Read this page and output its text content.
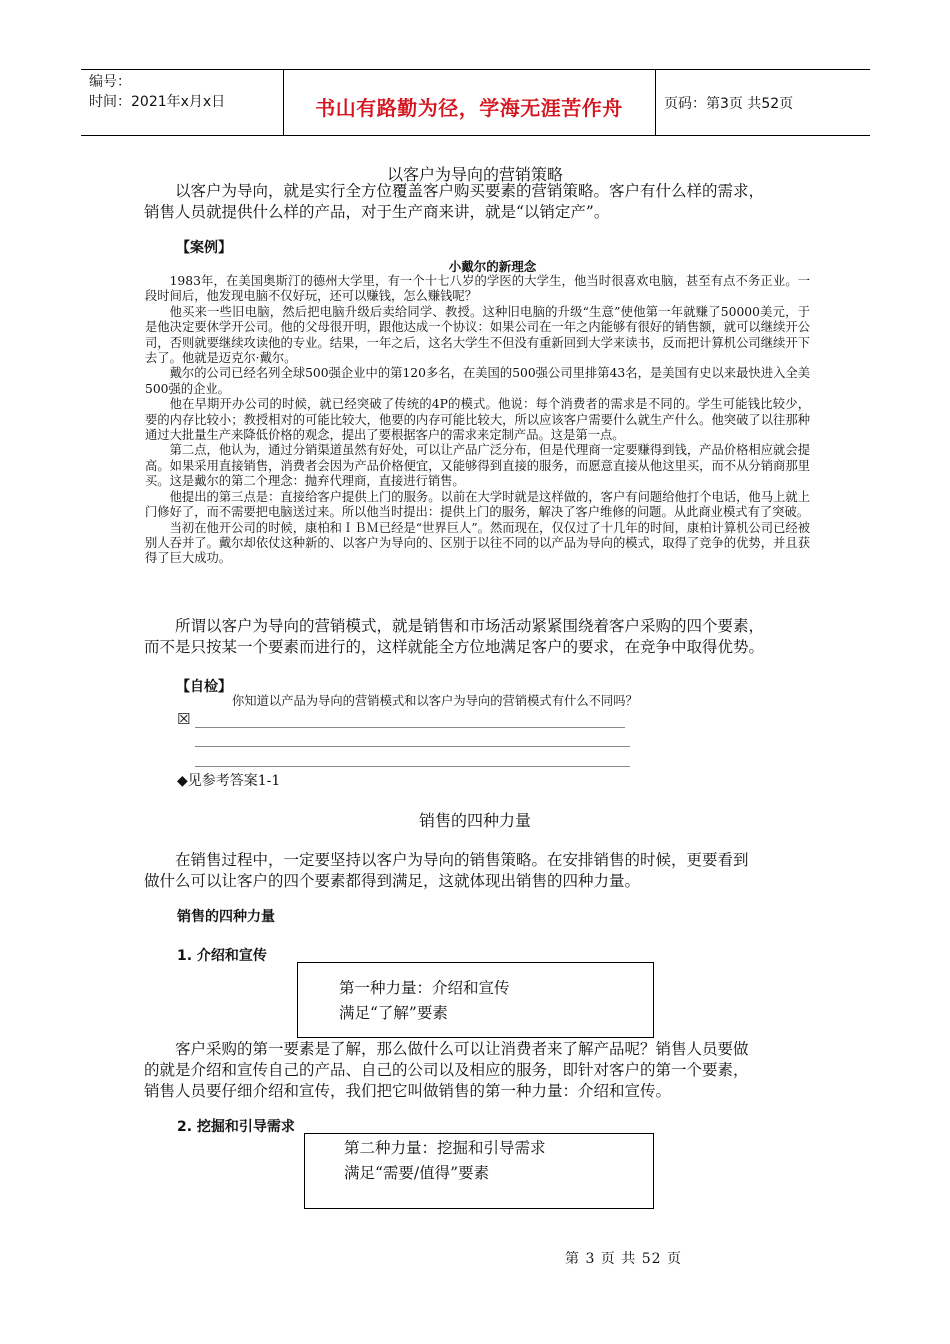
编号：
时间：2021年x月x日	书山有路勤为径，学海无涯苦作舟	页码：第3页 共52页
以客户为导向的营销策略

以客户为导向，就是实行全方位覆盖客户购买要素的营销策略。客户有什么样的需求，

销售人员就提供什么样的产品，对于生产商来讲，就是“以销定产”。

【案例】
小戴尔的新理念

1983年，在美国奥斯汀的德州大学里，有一个十七八岁的学医的大学生，他当时很喜欢电脑，甚至有点不务正业。一段时间后，他发现电脑不仅好玩，还可以赚钱，怎么赚钱呢？

他买来一些旧电脑，然后把电脑升级后卖给同学、教授。这种旧电脑的升级“生意”使他第一年就赚了50000美元，于是他决定要休学开公司。他的父母很开明，跟他达成一个协议：如果公司在一年之内能够有很好的销售额，就可以继续开公司，否则就要继续攻读他的专业。结果，一年之后，这名大学生不但没有重新回到大学来读书，反而把计算机公司继续开下去了。他就是迈克尔·戴尔。

戴尔的公司已经名列全球500强企业中的第120多名，在美国的500强公司里排第43名，是美国有史以来最快进入全美500强的企业。

他在早期开办公司的时候，就已经突破了传统的4P的模式。他说：每个消费者的需求是不同的。学生可能钱比较少，要的内存比较小；教授相对的可能比较大，他要的内存可能比较大，所以应该客户需要什么就生产什么。他突破了以往那种通过大批量生产来降低价格的观念，提出了要根据客户的需求来定制产品。这是第一点。

第二点，他认为，通过分销渠道虽然有好处，可以让产品广泛分布，但是代理商一定要赚得到钱，产品价格相应就会提高。如果采用直接销售，消费者会因为产品价格便宜，又能够得到直接的服务，而愿意直接从他这里买，而不从分销商那里买。这是戴尔的第二个理念：抛弃代理商，直接进行销售。

他提出的第三点是：直接给客户提供上门的服务。以前在大学时就是这样做的，客户有问题给他打个电话，他马上就上门修好了，而不需要把电脑送过来。所以他当时提出：提供上门的服务，解决了客户维修的问题。从此商业模式有了突破。

当初在他开公司的时候，康柏和ＩＢＭ已经是“世界巨人”。然而现在，仅仅过了十几年的时间，康柏计算机公司已经被别人吞并了。戴尔却依仗这种新的、以客户为导向的、区别于以往不同的以产品为导向的模式，取得了竞争的优势，并且获得了巨大成功。

所谓以客户为导向的营销模式，就是销售和市场活动紧紧围绕着客户采购的四个要素，

而不是只按某一个要素而进行的，这样就能全方位地满足客户的要求，在竞争中取得优势。

【自检】
你知道以产品为导向的营销模式和以客户为导向的营销模式有什么不同吗？
☒
◆见参考答案1-1
销售的四种力量

在销售过程中，一定要坚持以客户为导向的销售策略。在安排销售的时候，更要看到

做什么可以让客户的四个要素都得到满足，这就体现出销售的四种力量。

销售的四种力量
1. 介绍和宣传

第一种力量：介绍和宣传

满足“了解”要素

客户采购的第一要素是了解，那么做什么可以让消费者来了解产品呢？销售人员要做

的就是介绍和宣传自己的产品、自己的公司以及相应的服务，即针对客户的第一个要素，

销售人员要仔细介绍和宣传，我们把它叫做销售的第一种力量：介绍和宣传。

2. 挖掘和引导需求

第二种力量：挖掘和引导需求

满足“需要/值得”要素

第 3 页 共 52 页
